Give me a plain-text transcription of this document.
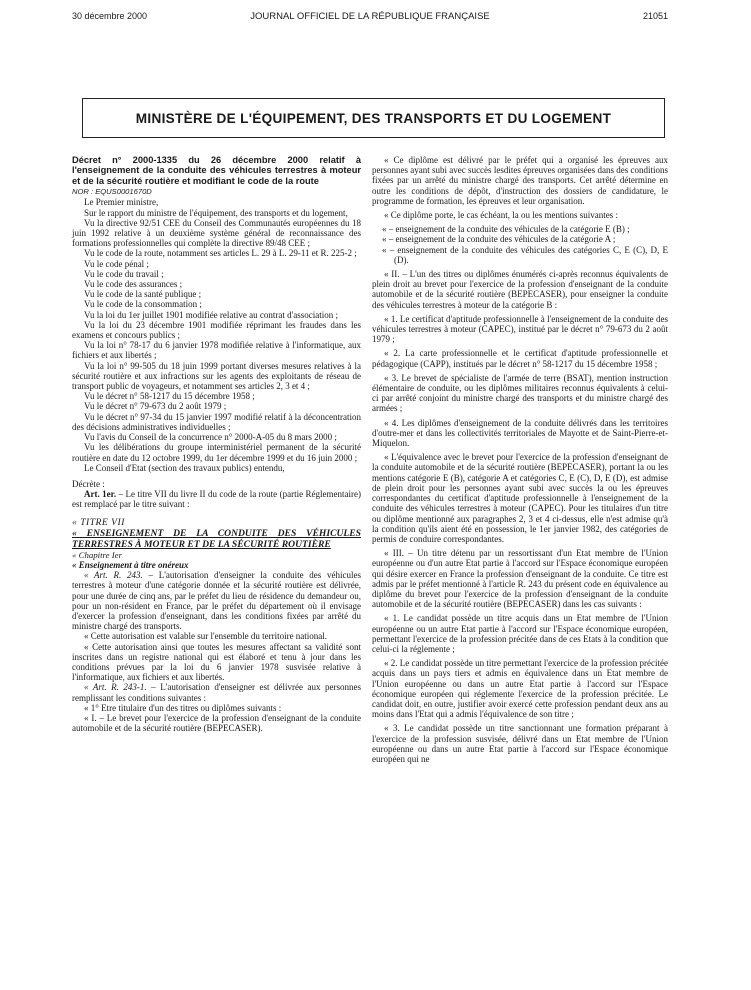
30 décembre 2000	JOURNAL OFFICIEL DE LA RÉPUBLIQUE FRANÇAISE	21051
MINISTÈRE DE L'ÉQUIPEMENT, DES TRANSPORTS ET DU LOGEMENT

Décret n° 2000-1335 du 26 décembre 2000 relatif à l'enseignement de la conduite des véhicules terrestres à moteur et de la sécurité routière et modifiant le code de la route

NOR : EQUS0001670D

Le Premier ministre,

Sur le rapport du ministre de l'équipement, des transports et du logement,

Vu la directive 92/51 CEE du Conseil des Communautés européennes du 18 juin 1992 relative à un deuxième système général de reconnaissance des formations professionnelles qui complète la directive 89/48 CEE ;

Vu le code de la route, notamment ses articles L. 29 à L. 29-11 et R. 225-2 ;

Vu le code pénal ;

Vu le code du travail ;

Vu le code des assurances ;

Vu le code de la santé publique ;

Vu le code de la consommation ;

Vu la loi du 1er juillet 1901 modifiée relative au contrat d'association ;

Vu la loi du 23 décembre 1901 modifiée réprimant les fraudes dans les examens et concours publics ;

Vu la loi n° 78-17 du 6 janvier 1978 modifiée relative à l'informatique, aux fichiers et aux libertés ;

Vu la loi n° 99-505 du 18 juin 1999 portant diverses mesures relatives à la sécurité routière et aux infractions sur les agents des exploitants de réseau de transport public de voyageurs, et notamment ses articles 2, 3 et 4 ;

Vu le décret n° 58-1217 du 15 décembre 1958 ;

Vu le décret n° 79-673 du 2 août 1979 ;

Vu le décret n° 97-34 du 15 janvier 1997 modifié relatif à la déconcentration des décisions administratives individuelles ;

Vu l'avis du Conseil de la concurrence n° 2000-A-05 du 8 mars 2000 ;

Vu les délibérations du groupe interministériel permanent de la sécurité routière en date du 12 octobre 1999, du 1er décembre 1999 et du 16 juin 2000 ;

Le Conseil d'Etat (section des travaux publics) entendu,

Décrète :

Art. 1er. – Le titre VII du livre II du code de la route (partie Réglementaire) est remplacé par le titre suivant :

« TITRE VII

« ENSEIGNEMENT DE LA CONDUITE DES VÉHICULES TERRESTRES À MOTEUR ET DE LA SÉCURITÉ ROUTIÈRE

« Chapitre Ier

« Enseignement à titre onéreux

« Art. R. 243. – L'autorisation d'enseigner la conduite des véhicules terrestres à moteur d'une catégorie donnée et la sécurité routière est délivrée, pour une durée de cinq ans, par le préfet du lieu de résidence du demandeur ou, pour un non-résident en France, par le préfet du département où il envisage d'exercer la profession d'enseignant, dans les conditions fixées par arrêté du ministre chargé des transports.

« Cette autorisation est valable sur l'ensemble du territoire national.

« Cette autorisation ainsi que toutes les mesures affectant sa validité sont inscrites dans un registre national qui est élaboré et tenu à jour dans les conditions prévues par la loi du 6 janvier 1978 susvisée relative à l'informatique, aux fichiers et aux libertés.

« Art. R. 243-1. – L'autorisation d'enseigner est délivrée aux personnes remplissant les conditions suivantes :

« 1° Etre titulaire d'un des titres ou diplômes suivants :

« I. – Le brevet pour l'exercice de la profession d'enseignant de la conduite automobile et de la sécurité routière (BEPECASER).

« Ce diplôme est délivré par le préfet qui a organisé les épreuves aux personnes ayant subi avec succès lesdites épreuves organisées dans des conditions fixées par un arrêté du ministre chargé des transports. Cet arrêté détermine en outre les conditions de dépôt, d'instruction des dossiers de candidature, le programme de formation, les épreuves et leur organisation.

« Ce diplôme porte, le cas échéant, la ou les mentions suivantes :

« – enseignement de la conduite des véhicules de la catégorie E (B) ;

« – enseignement de la conduite des véhicules de la catégorie A ;

« – enseignement de la conduite des véhicules des catégories C, E (C), D, E (D).

« II. – L'un des titres ou diplômes énumérés ci-après reconnus équivalents de plein droit au brevet pour l'exercice de la profession d'enseignant de la conduite automobile et de la sécurité routière (BEPECASER), pour enseigner la conduite des véhicules terrestres à moteur de la catégorie B :

« 1. Le certificat d'aptitude professionnelle à l'enseignement de la conduite des véhicules terrestres à moteur (CAPEC), institué par le décret n° 79-673 du 2 août 1979 ;

« 2. La carte professionnelle et le certificat d'aptitude professionnelle et pédagogique (CAPP), institués par le décret n° 58-1217 du 15 décembre 1958 ;

« 3. Le brevet de spécialiste de l'armée de terre (BSAT), mention instruction élémentaire de conduite, ou les diplômes militaires reconnus équivalents à celui-ci par arrêté conjoint du ministre chargé des transports et du ministre chargé des armées ;

« 4. Les diplômes d'enseignement de la conduite délivrés dans les territoires d'outre-mer et dans les collectivités territoriales de Mayotte et de Saint-Pierre-et-Miquelon.

« L'équivalence avec le brevet pour l'exercice de la profession d'enseignant de la conduite automobile et de la sécurité routière (BEPECASER), portant la ou les mentions catégorie E (B), catégorie A et catégories C, E (C), D, E (D), est admise de plein droit pour les personnes ayant subi avec succès la ou les épreuves correspondantes du certificat d'aptitude professionnelle à l'enseignement de la conduite des véhicules terrestres à moteur (CAPEC). Pour les titulaires d'un titre ou diplôme mentionné aux paragraphes 2, 3 et 4 ci-dessus, elle n'est admise qu'à la condition qu'ils aient été en possession, le 1er janvier 1982, des catégories de permis de conduire correspondantes.

« III. – Un titre détenu par un ressortissant d'un Etat membre de l'Union européenne ou d'un autre Etat partie à l'accord sur l'Espace économique européen qui désire exercer en France la profession d'enseignant de la conduite. Ce titre est admis par le préfet mentionné à l'article R. 243 du présent code en équivalence au diplôme du brevet pour l'exercice de la profession d'enseignant de la conduite automobile et de la sécurité routière (BEPECASER) dans les cas suivants :

« 1. Le candidat possède un titre acquis dans un Etat membre de l'Union européenne ou un autre Etat partie à l'accord sur l'Espace économique européen, permettant l'exercice de la profession précitée dans de ces Etats à la condition que celui-ci la réglemente ;

« 2. Le candidat possède un titre permettant l'exercice de la profession précitée acquis dans un pays tiers et admis en équivalence dans un Etat membre de l'Union européenne ou dans un autre Etat partie à l'accord sur l'Espace économique européen qui réglemente l'exercice de la profession précitée. Le candidat doit, en outre, justifier avoir exercé cette profession pendant deux ans au moins dans l'Etat qui a admis l'équivalence de son titre ;

« 3. Le candidat possède un titre sanctionnant une formation préparant à l'exercice de la profession susvisée, délivré dans un Etat membre de l'Union européenne ou dans un autre Etat partie à l'accord sur l'Espace économique européen qui ne
